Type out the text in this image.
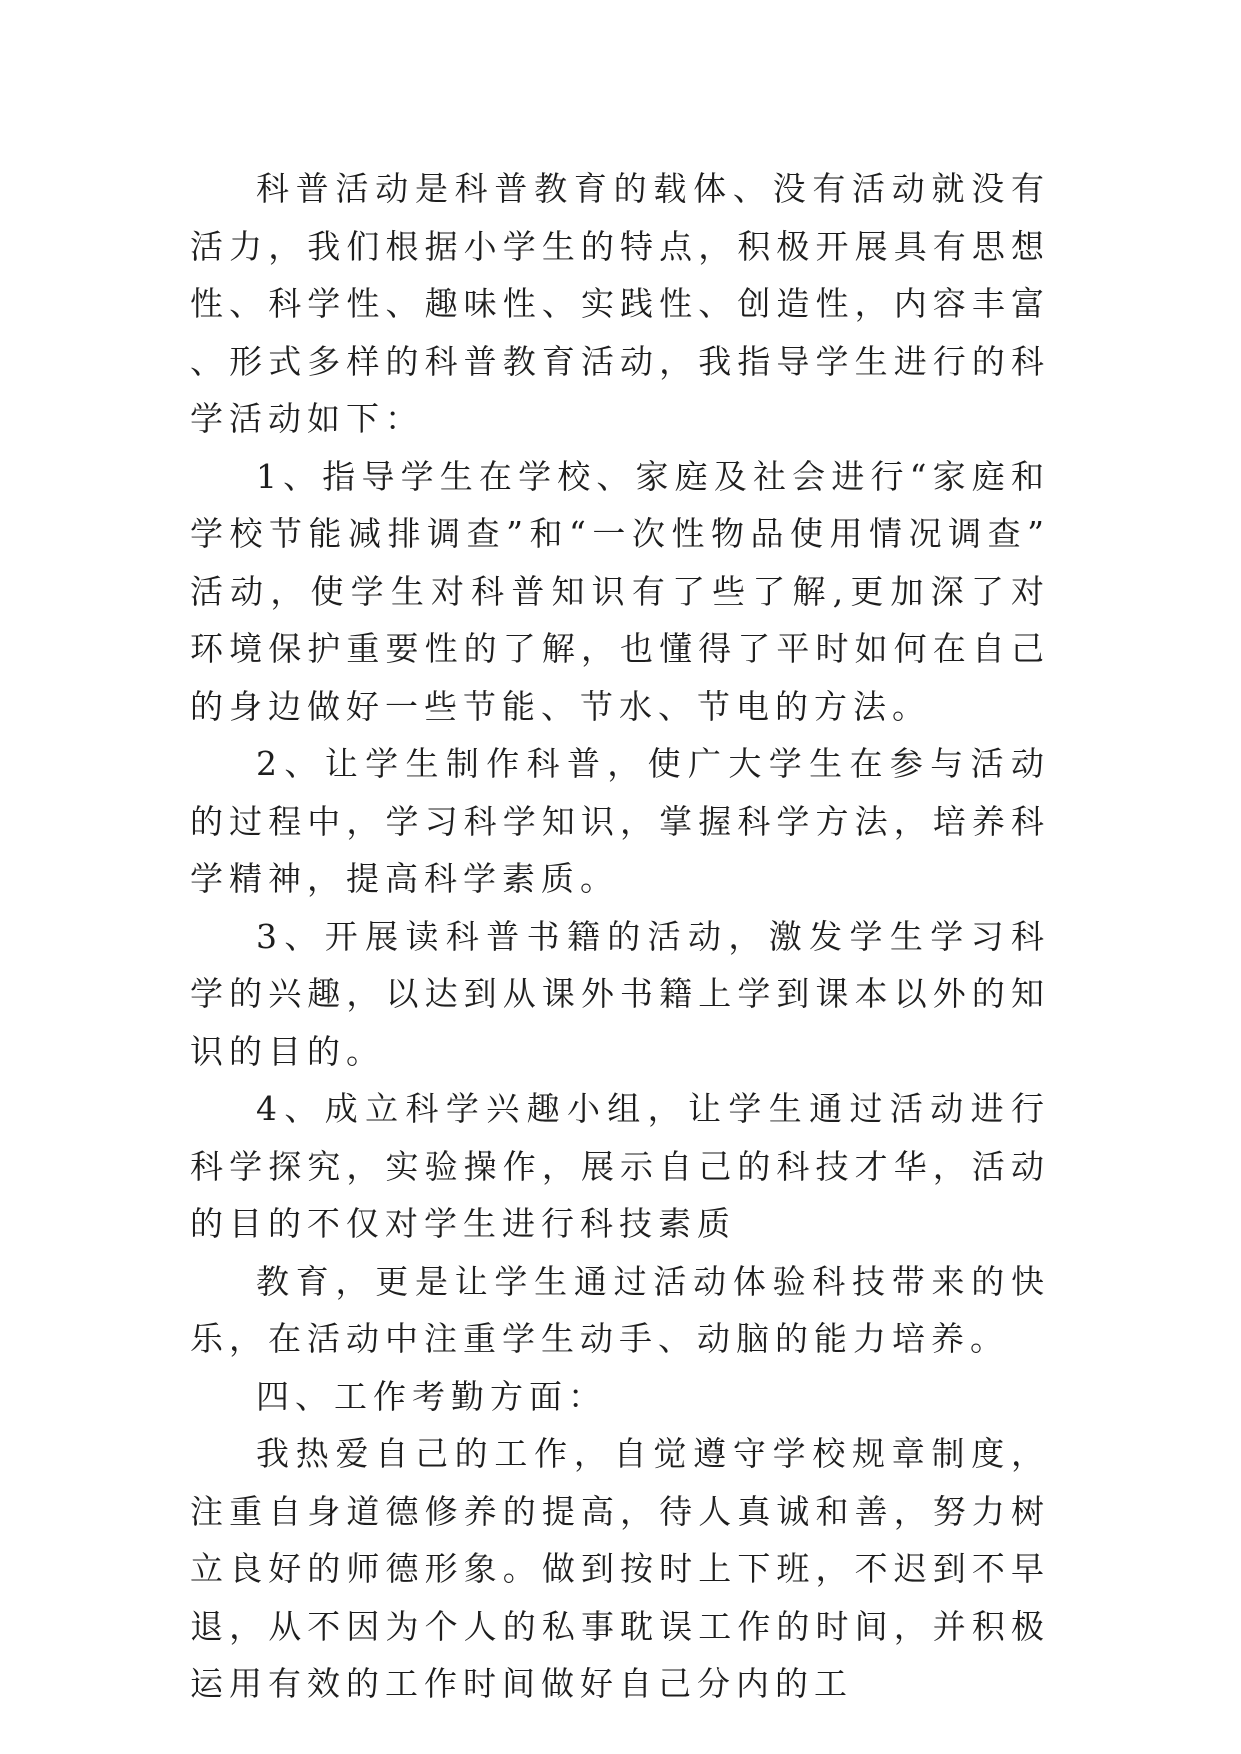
科普活动是科普教育的载体、没有活动就没有活力，我们根据小学生的特点，积极开展具有思想性、科学性、趣味性、实践性、创造性，内容丰富、形式多样的科普教育活动，我指导学生进行的科学活动如下：

1、指导学生在学校、家庭及社会进行“家庭和学校节能减排调查”和“一次性物品使用情况调查”活动，使学生对科普知识有了些了解,更加深了对环境保护重要性的了解，也懂得了平时如何在自己的身边做好一些节能、节水、节电的方法。

2、让学生制作科普，使广大学生在参与活动的过程中，学习科学知识，掌握科学方法，培养科学精神，提高科学素质。

3、开展读科普书籍的活动，激发学生学习科学的兴趣，以达到从课外书籍上学到课本以外的知识的目的。

4、成立科学兴趣小组，让学生通过活动进行科学探究，实验操作，展示自己的科技才华，活动的目的不仅对学生进行科技素质

教育，更是让学生通过活动体验科技带来的快乐，在活动中注重学生动手、动脑的能力培养。

四、工作考勤方面：

我热爱自己的工作，自觉遵守学校规章制度，注重自身道德修养的提高，待人真诚和善，努力树立良好的师德形象。做到按时上下班，不迟到不早退，从不因为个人的私事耽误工作的时间，并积极运用有效的工作时间做好自己分内的工
